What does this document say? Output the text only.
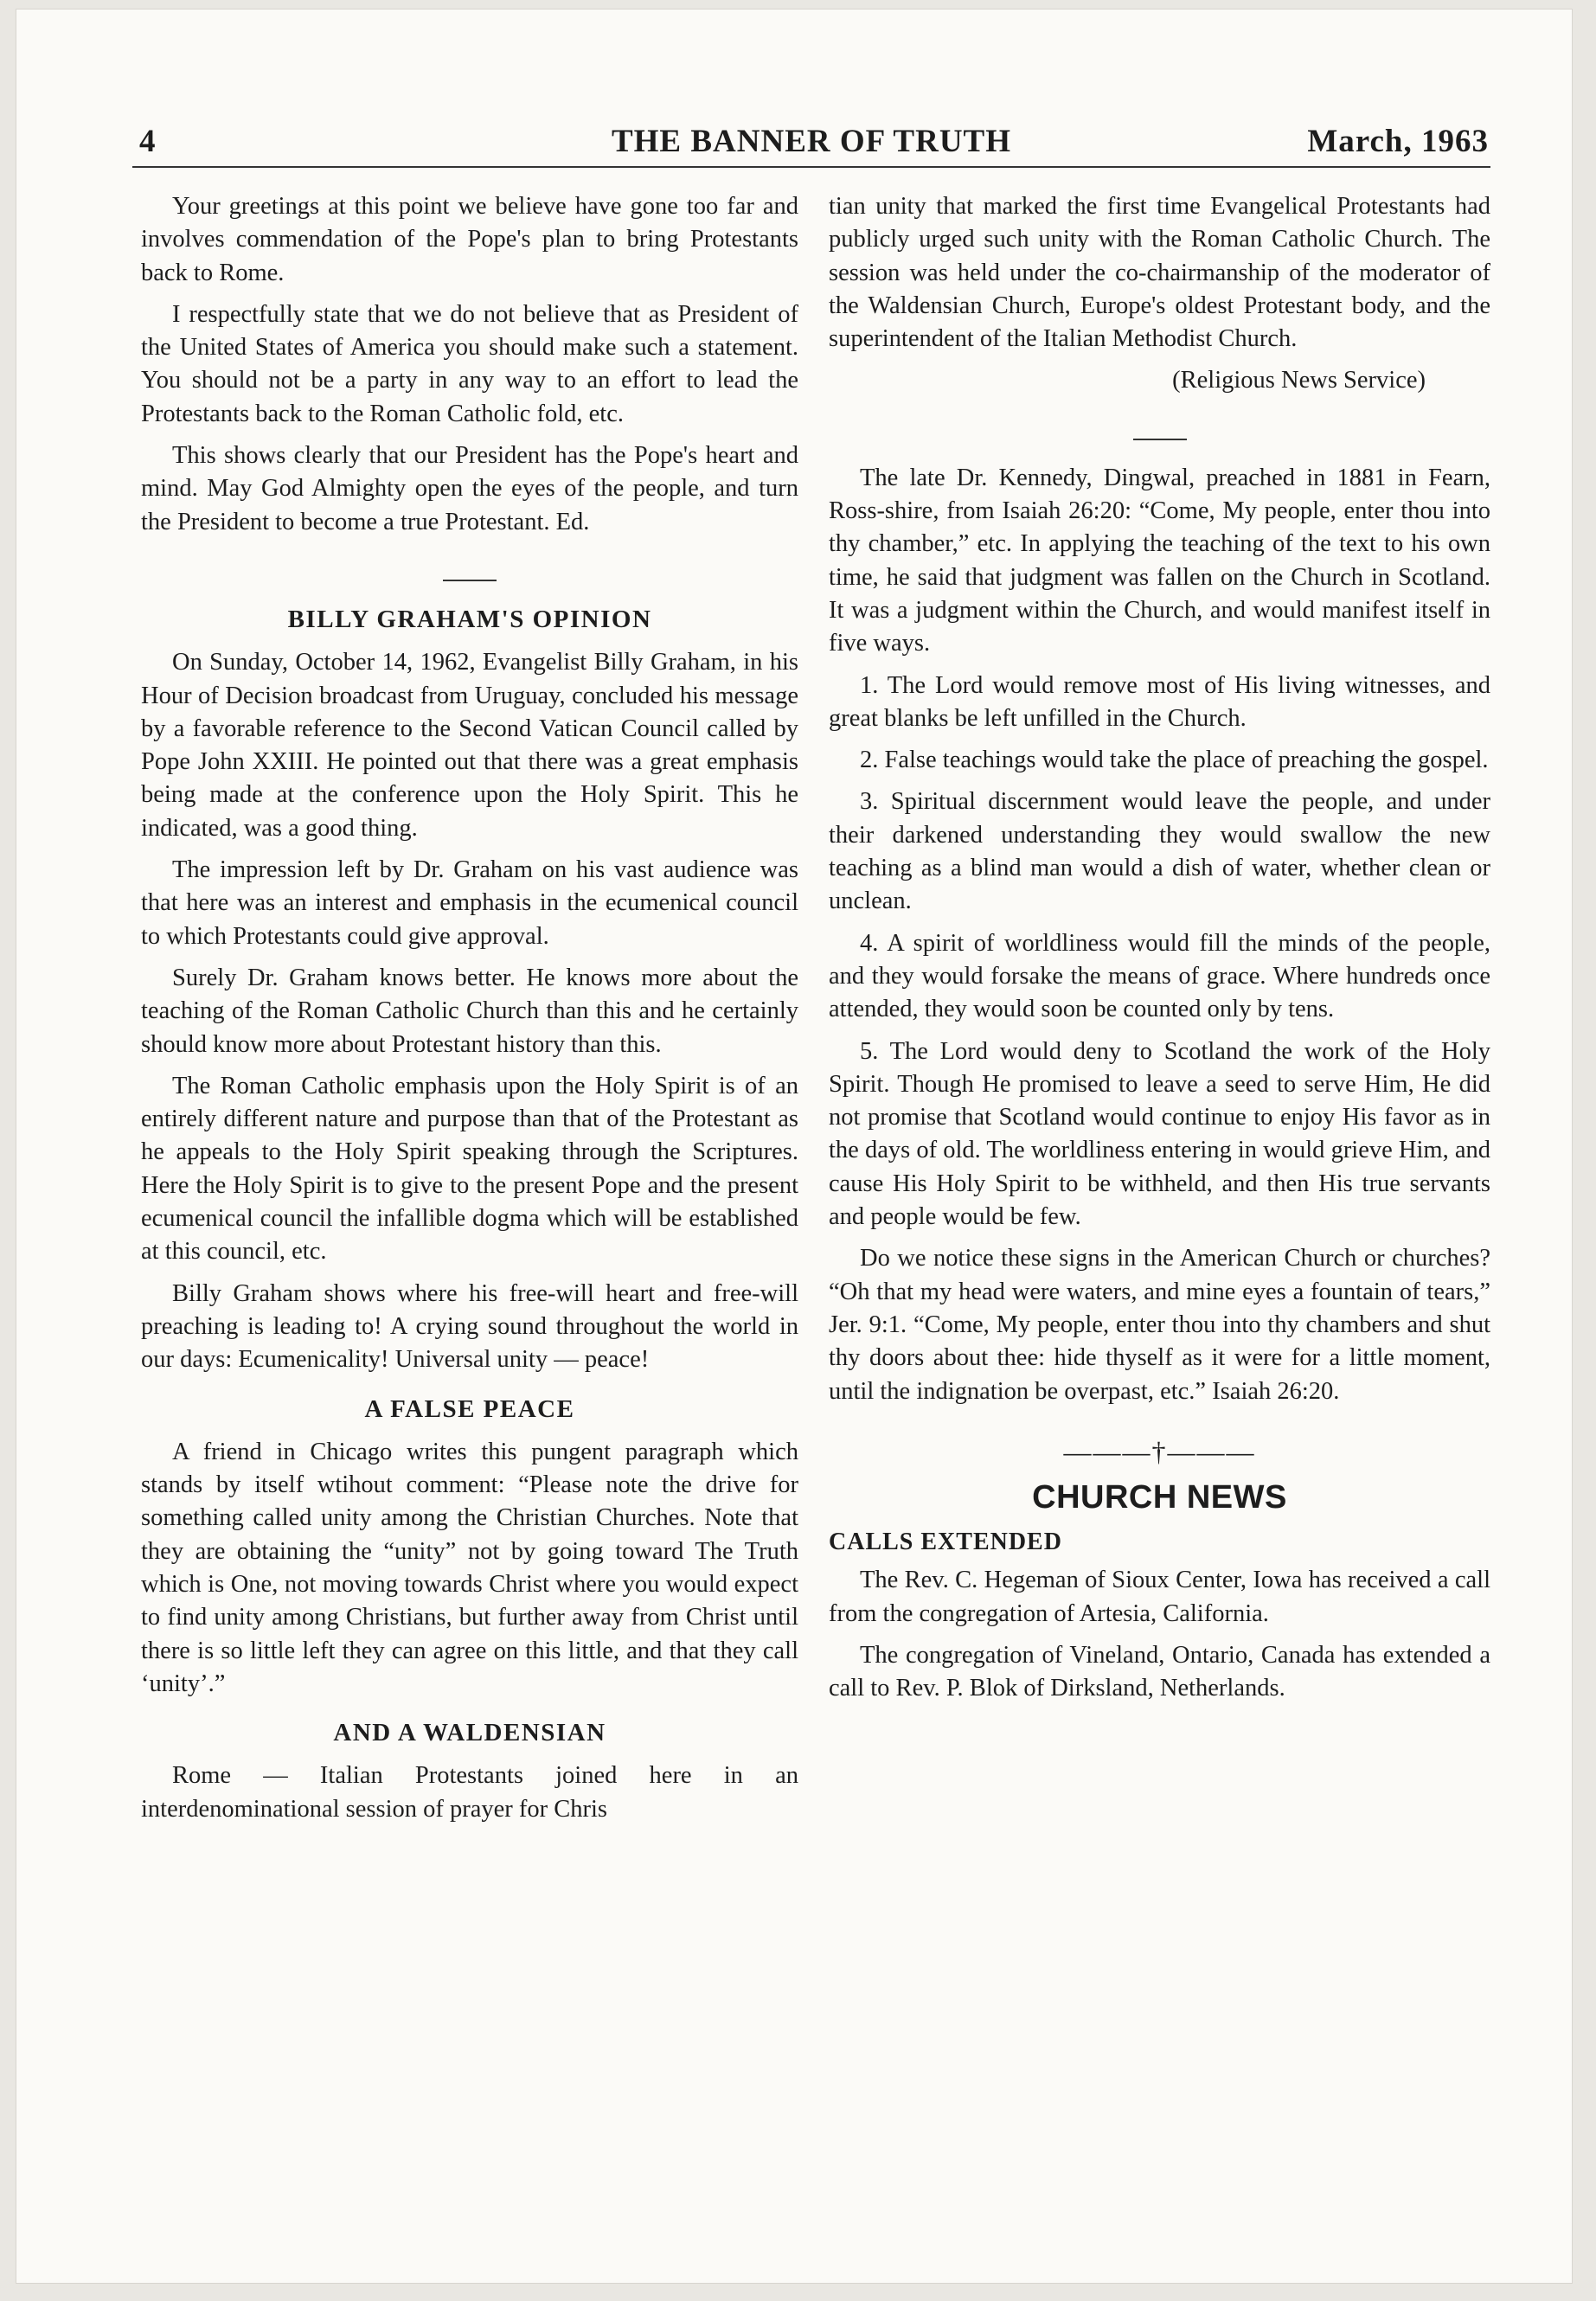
4	THE BANNER OF TRUTH	March, 1963

Your greetings at this point we believe have gone too far and involves commendation of the Pope's plan to bring Protestants back to Rome.

I respectfully state that we do not believe that as President of the United States of America you should make such a statement. You should not be a party in any way to an effort to lead the Protestants back to the Roman Catholic fold, etc.

This shows clearly that our President has the Pope's heart and mind. May God Almighty open the eyes of the people, and turn the President to become a true Protestant. Ed.

BILLY GRAHAM'S OPINION

On Sunday, October 14, 1962, Evangelist Billy Graham, in his Hour of Decision broadcast from Uruguay, concluded his message by a favorable reference to the Second Vatican Council called by Pope John XXIII. He pointed out that there was a great emphasis being made at the conference upon the Holy Spirit. This he indicated, was a good thing.

The impression left by Dr. Graham on his vast audience was that here was an interest and emphasis in the ecumenical council to which Protestants could give approval.

Surely Dr. Graham knows better. He knows more about the teaching of the Roman Catholic Church than this and he certainly should know more about Protestant history than this.

The Roman Catholic emphasis upon the Holy Spirit is of an entirely different nature and purpose than that of the Protestant as he appeals to the Holy Spirit speaking through the Scriptures. Here the Holy Spirit is to give to the present Pope and the present ecumenical council the infallible dogma which will be established at this council, etc.

Billy Graham shows where his free-will heart and free-will preaching is leading to! A crying sound throughout the world in our days: Ecumenicality! Universal unity — peace!

A FALSE PEACE

A friend in Chicago writes this pungent paragraph which stands by itself wtihout comment: “Please note the drive for something called unity among the Christian Churches. Note that they are obtaining the “unity” not by going toward The Truth which is One, not moving towards Christ where you would expect to find unity among Christians, but further away from Christ until there is so little left they can agree on this little, and that they call ‘unity’.”

AND A WALDENSIAN

Rome — Italian Protestants joined here in an interdenominational session of prayer for Chris

tian unity that marked the first time Evangelical Protestants had publicly urged such unity with the Roman Catholic Church. The session was held under the co-chairmanship of the moderator of the Waldensian Church, Europe's oldest Protestant body, and the superintendent of the Italian Methodist Church.

(Religious News Service)

The late Dr. Kennedy, Dingwal, preached in 1881 in Fearn, Ross-shire, from Isaiah 26:20: “Come, My people, enter thou into thy chamber,” etc. In applying the teaching of the text to his own time, he said that judgment was fallen on the Church in Scotland. It was a judgment within the Church, and would manifest itself in five ways.

1. The Lord would remove most of His living witnesses, and great blanks be left unfilled in the Church.

2. False teachings would take the place of preaching the gospel.

3. Spiritual discernment would leave the people, and under their darkened understanding they would swallow the new teaching as a blind man would a dish of water, whether clean or unclean.

4. A spirit of worldliness would fill the minds of the people, and they would forsake the means of grace. Where hundreds once attended, they would soon be counted only by tens.

5. The Lord would deny to Scotland the work of the Holy Spirit. Though He promised to leave a seed to serve Him, He did not promise that Scotland would continue to enjoy His favor as in the days of old. The worldliness entering in would grieve Him, and cause His Holy Spirit to be withheld, and then His true servants and people would be few.

Do we notice these signs in the American Church or churches? “Oh that my head were waters, and mine eyes a fountain of tears,” Jer. 9:1. “Come, My people, enter thou into thy chambers and shut thy doors about thee: hide thyself as it were for a little moment, until the indignation be overpast, etc.” Isaiah 26:20.

———†———
CHURCH NEWS
CALLS EXTENDED

The Rev. C. Hegeman of Sioux Center, Iowa has received a call from the congregation of Artesia, California.

The congregation of Vineland, Ontario, Canada has extended a call to Rev. P. Blok of Dirksland, Netherlands.
